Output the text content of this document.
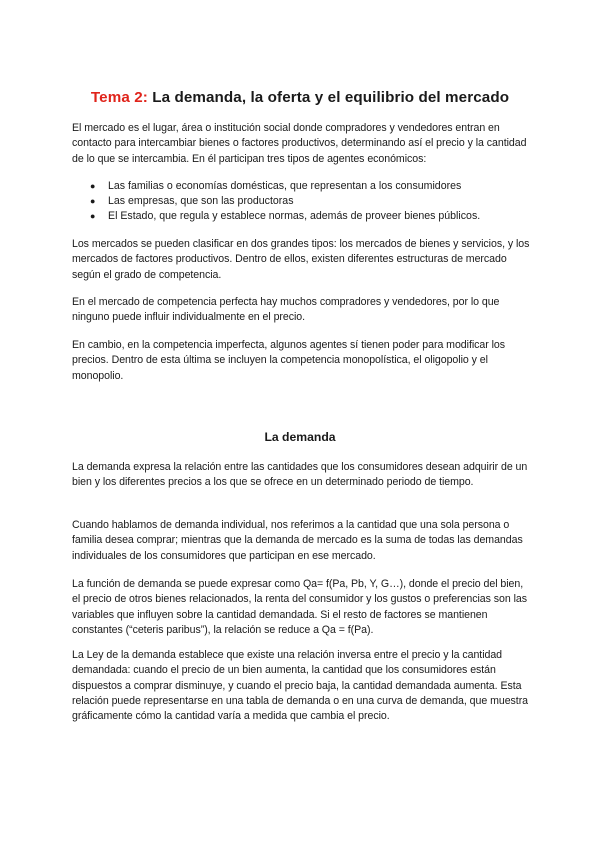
Tema 2: La demanda, la oferta y el equilibrio del mercado

El mercado es el lugar, área o institución social donde compradores y vendedores entran en contacto para intercambiar bienes o factores productivos, determinando así el precio y la cantidad de lo que se intercambia. En él participan tres tipos de agentes económicos:

● Las familias o economías domésticas, que representan a los consumidores
● Las empresas, que son las productoras
● El Estado, que regula y establece normas, además de proveer bienes públicos.

Los mercados se pueden clasificar en dos grandes tipos: los mercados de bienes y servicios, y los mercados de factores productivos. Dentro de ellos, existen diferentes estructuras de mercado según el grado de competencia.

En el mercado de competencia perfecta hay muchos compradores y vendedores, por lo que ninguno puede influir individualmente en el precio.

En cambio, en la competencia imperfecta, algunos agentes sí tienen poder para modificar los precios. Dentro de esta última se incluyen la competencia monopolística, el oligopolio y el monopolio.

La demanda

La demanda expresa la relación entre las cantidades que los consumidores desean adquirir de un bien y los diferentes precios a los que se ofrece en un determinado periodo de tiempo.

Cuando hablamos de demanda individual, nos referimos a la cantidad que una sola persona o familia desea comprar; mientras que la demanda de mercado es la suma de todas las demandas individuales de los consumidores que participan en ese mercado.

La función de demanda se puede expresar como Qa= f(Pa, Pb, Y, G…), donde el precio del bien, el precio de otros bienes relacionados, la renta del consumidor y los gustos o preferencias son las variables que influyen sobre la cantidad demandada. Si el resto de factores se mantienen constantes (“ceteris paribus”), la relación se reduce a Qa = f(Pa).

La Ley de la demanda establece que existe una relación inversa entre el precio y la cantidad demandada: cuando el precio de un bien aumenta, la cantidad que los consumidores están dispuestos a comprar disminuye, y cuando el precio baja, la cantidad demandada aumenta. Esta relación puede representarse en una tabla de demanda o en una curva de demanda, que muestra gráficamente cómo la cantidad varía a medida que cambia el precio.
